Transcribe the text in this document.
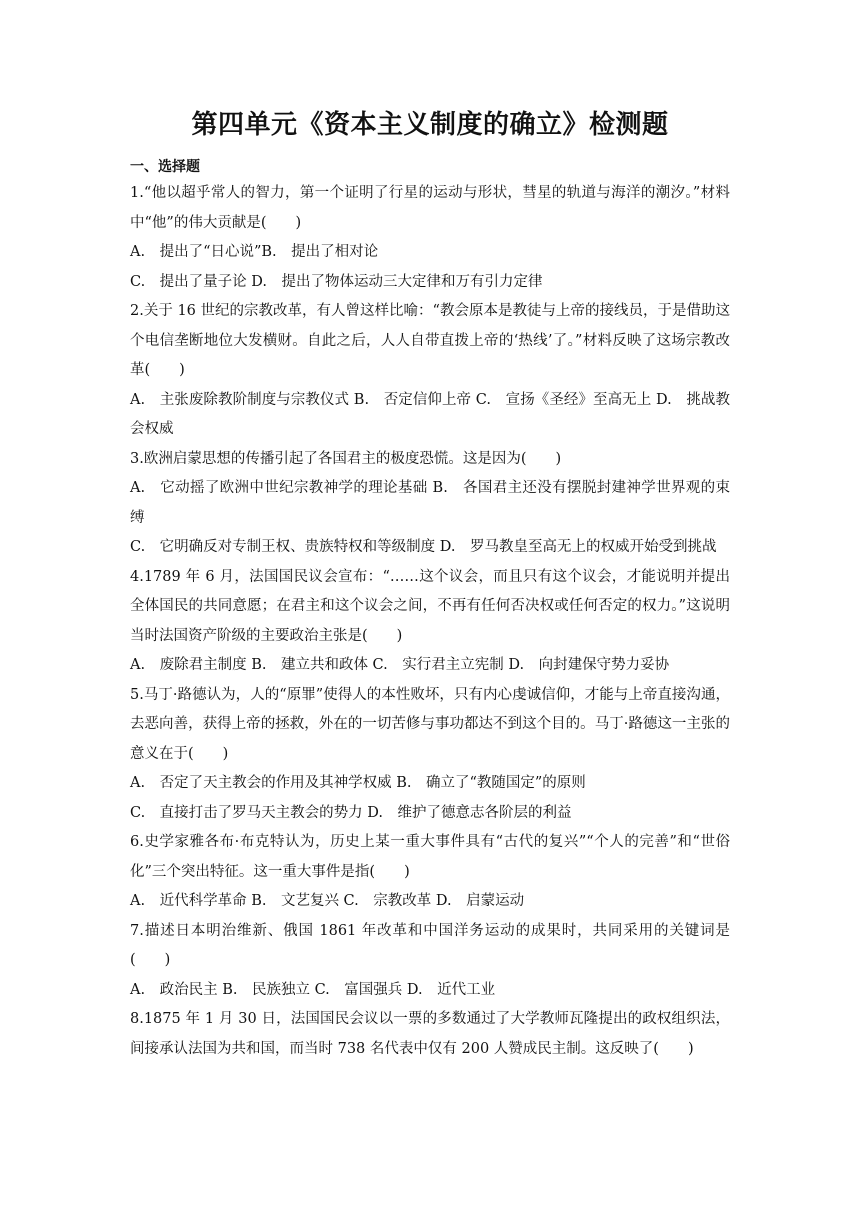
第四单元《资本主义制度的确立》检测题
一、选择题
1.“他以超乎常人的智力，第一个证明了行星的运动与形状，彗星的轨道与海洋的潮汐。”材料中“他”的伟大贡献是(　　)
A.　提出了“日心说”B.　提出了相对论
C.　提出了量子论 D.　提出了物体运动三大定律和万有引力定律
2.关于 16 世纪的宗教改革，有人曾这样比喻：“教会原本是教徒与上帝的接线员，于是借助这个电信垄断地位大发横财。自此之后，人人自带直拨上帝的‘热线’了。”材料反映了这场宗教改革(　　)
A.　主张废除教阶制度与宗教仪式 B.　否定信仰上帝 C.　宣扬《圣经》至高无上 D.　挑战教会权威
3.欧洲启蒙思想的传播引起了各国君主的极度恐慌。这是因为(　　)
A.　它动摇了欧洲中世纪宗教神学的理论基础 B.　各国君主还没有摆脱封建神学世界观的束缚
C.　它明确反对专制王权、贵族特权和等级制度 D.　罗马教皇至高无上的权威开始受到挑战
4.1789 年 6 月，法国国民议会宣布：“……这个议会，而且只有这个议会，才能说明并提出全体国民的共同意愿；在君主和这个议会之间，不再有任何否决权或任何否定的权力。”这说明当时法国资产阶级的主要政治主张是(　　)
A.　废除君主制度 B.　建立共和政体 C.　实行君主立宪制 D.　向封建保守势力妥协
5.马丁·路德认为，人的“原罪”使得人的本性败坏，只有内心虔诚信仰，才能与上帝直接沟通，去恶向善，获得上帝的拯救，外在的一切苦修与事功都达不到这个目的。马丁·路德这一主张的意义在于(　　)
A.　否定了天主教会的作用及其神学权威 B.　确立了“教随国定”的原则
C.　直接打击了罗马天主教会的势力 D.　维护了德意志各阶层的利益
6.史学家雅各布·布克特认为，历史上某一重大事件具有“古代的复兴”“个人的完善”和“世俗化”三个突出特征。这一重大事件是指(　　)
A.　近代科学革命 B.　文艺复兴 C.　宗教改革 D.　启蒙运动
7.描述日本明治维新、俄国 1861 年改革和中国洋务运动的成果时，共同采用的关键词是(　　)
A.　政治民主 B.　民族独立 C.　富国强兵 D.　近代工业
8.1875 年 1 月 30 日，法国国民会议以一票的多数通过了大学教师瓦隆提出的政权组织法，间接承认法国为共和国，而当时 738 名代表中仅有 200 人赞成民主制。这反映了(　　)
